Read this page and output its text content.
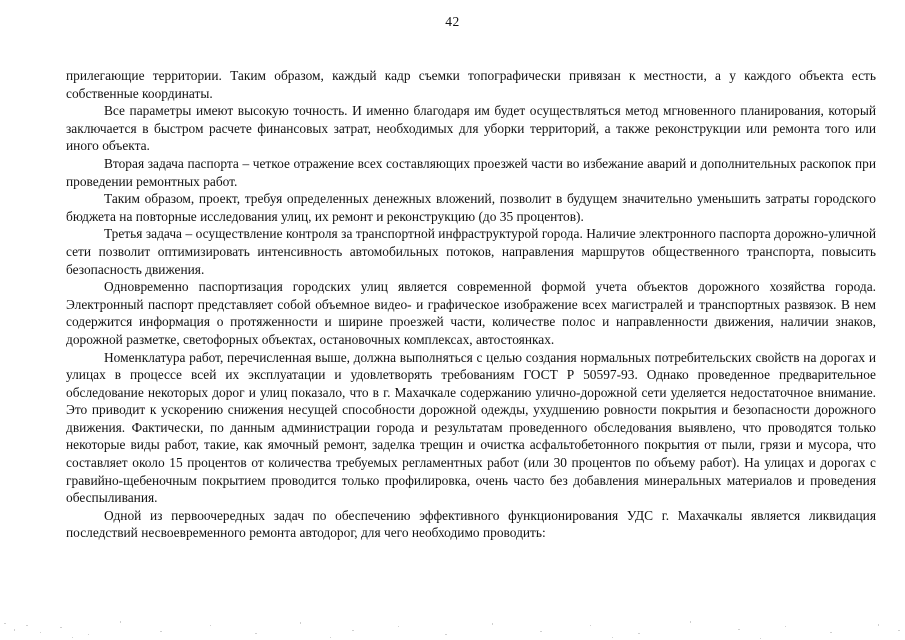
42

прилегающие территории. Таким образом, каждый кадр съемки топографически привязан к местности, а у каждого объекта есть собственные координаты.

Все параметры имеют высокую точность. И именно благодаря им будет осуществляться метод мгновенного планирования, который заключается в быстром расчете финансовых затрат, необходимых для уборки территорий, а также реконструкции или ремонта того или иного объекта.

Вторая задача паспорта – четкое отражение всех составляющих проезжей части во избежание аварий и дополнительных раскопок при проведении ремонтных работ.

Таким образом, проект, требуя определенных денежных вложений, позволит в будущем значительно уменьшить затраты городского бюджета на повторные исследования улиц, их ремонт и реконструкцию (до 35 процентов).

Третья задача – осуществление контроля за транспортной инфраструктурой города. Наличие электронного паспорта дорожно-уличной сети позволит оптимизировать интенсивность автомобильных потоков, направления маршрутов общественного транспорта, повысить безопасность движения.

Одновременно паспортизация городских улиц является современной формой учета объектов дорожного хозяйства города. Электронный паспорт представляет собой объемное видео- и графическое изображение всех магистралей и транспортных развязок. В нем содержится информация о протяженности и ширине проезжей части, количестве полос и направленности движения, наличии знаков, дорожной разметке, светофорных объектах, остановочных комплексах, автостоянках.

Номенклатура работ, перечисленная выше, должна выполняться с целью создания нормальных потребительских свойств на дорогах и улицах в процессе всей их эксплуатации и удовлетворять требованиям ГОСТ Р 50597-93. Однако проведенное предварительное обследование некоторых дорог и улиц показало, что в г. Махачкале содержанию улично-дорожной сети уделяется недостаточное внимание. Это приводит к ускорению снижения несущей способности дорожной одежды, ухудшению ровности покрытия и безопасности дорожного движения. Фактически, по данным администрации города и результатам проведенного обследования выявлено, что проводятся только некоторые виды работ, такие, как ямочный ремонт, заделка трещин и очистка асфальтобетонного покрытия от пыли, грязи и мусора, что составляет около 15 процентов от количества требуемых регламентных работ (или 30 процентов по объему работ). На улицах и дорогах с гравийно-щебеночным покрытием проводится только профилировка, очень часто без добавления минеральных материалов и проведения обеспыливания.

Одной из первоочередных задач по обеспечению эффективного функционирования УДС г. Махачкалы является ликвидация последствий несвоевременного ремонта автодорог, для чего необходимо проводить:
